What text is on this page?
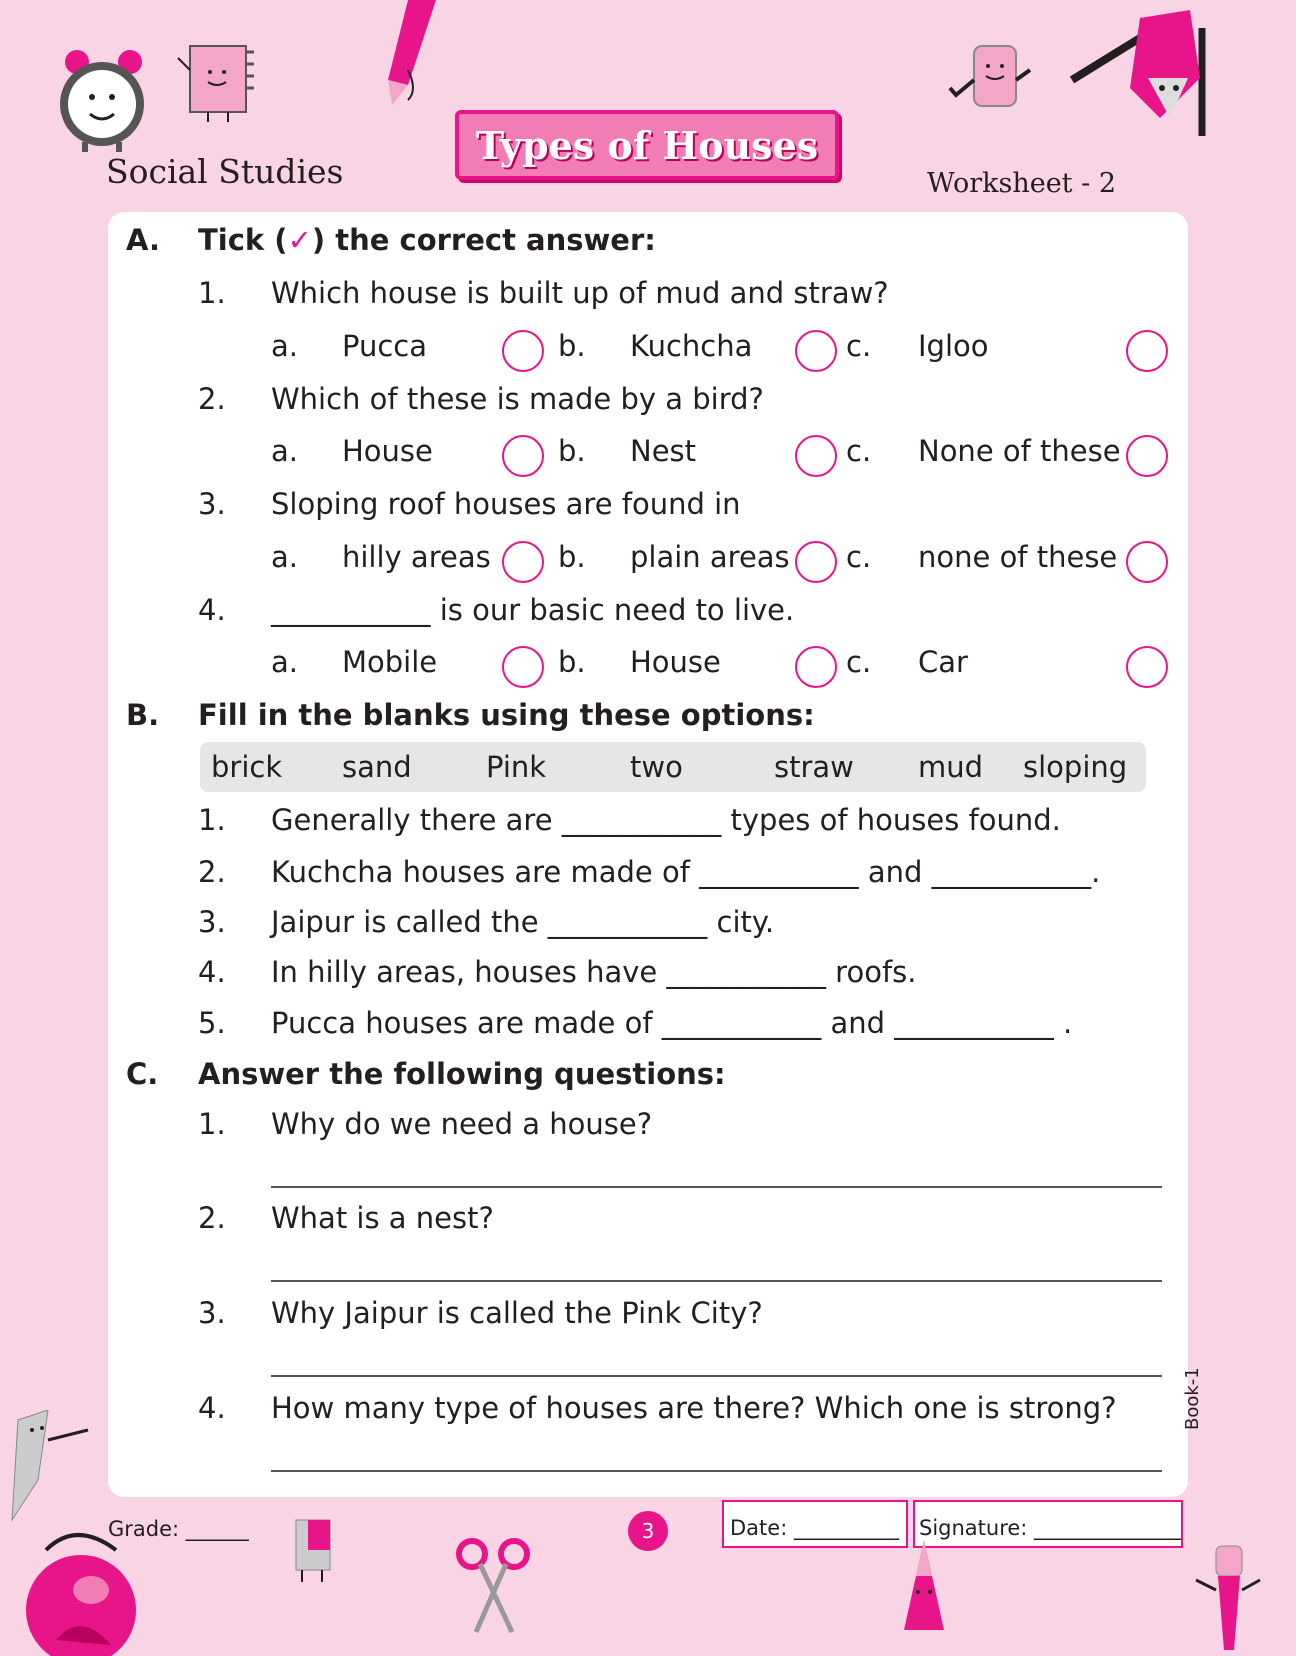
Social Studies
Types of Houses
Worksheet - 2
A. Tick (✓) the correct answer:
1. Which house is built up of mud and straw?
a. Pucca	b. Kuchcha	c. Igloo
2. Which of these is made by a bird?
a. House	b. Nest	c. None of these
3. Sloping roof houses are found in
a. hilly areas b. plain areas c. none of these
4. ___________ is our basic need to live.
a. Mobile	b. House	c. Car
B. Fill in the blanks using these options:
brick sand	Pink	two	straw mud sloping
1. Generally there are ___________ types of houses found.
2. Kuchcha houses are made of ___________ and ___________.
3. Jaipur is called the ___________ city.
4. In hilly areas, houses have ___________ roofs.
5. Pucca houses are made of ___________ and ___________ .
C. Answer the following questions:
1. Why do we need a house?
2. What is a nest?
3. Why Jaipur is called the Pink City?
4. How many type of houses are there? Which one is strong?	Book-1
Grade: ______	3	Date: __________ Signature: ______________
